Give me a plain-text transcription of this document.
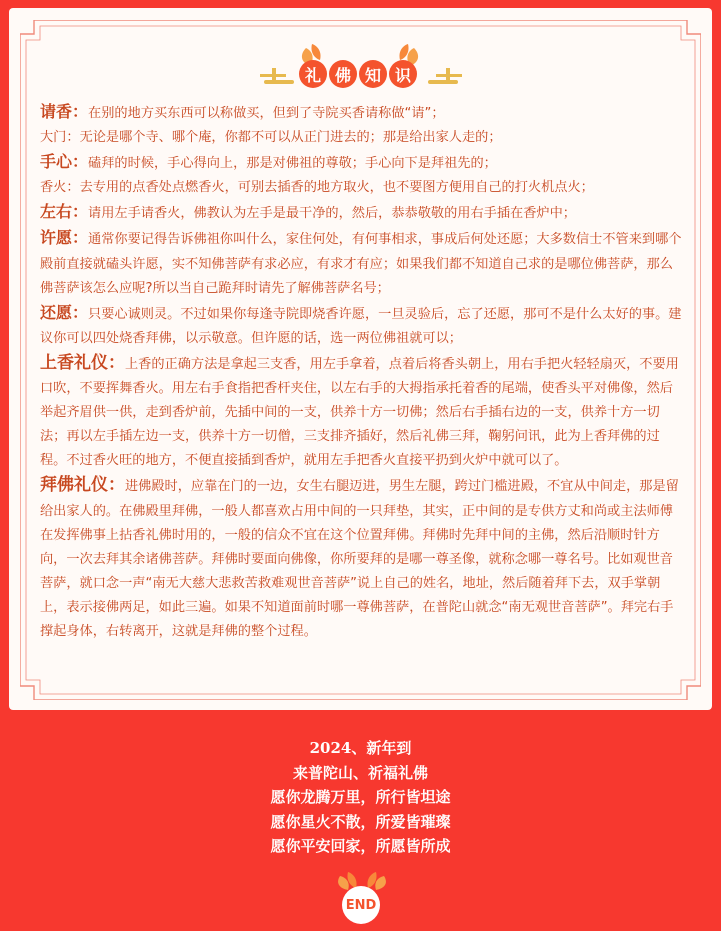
礼 佛 知 识

请香：在别的地方买东西可以称做买，但到了寺院买香请称做“请”；

大门：无论是哪个寺、哪个庵，你都不可以从正门进去的；那是给出家人走的；

手心：磕拜的时候，手心得向上，那是对佛祖的尊敬；手心向下是拜祖先的；

香火：去专用的点香处点燃香火，可别去插香的地方取火，也不要图方便用自己的打火机点火；

左右：请用左手请香火，佛教认为左手是最干净的，然后，恭恭敬敬的用右手插在香炉中；

许愿：通常你要记得告诉佛祖你叫什么，家住何处，有何事相求，事成后何处还愿；大多数信士不管来到哪个殿前直接就磕头许愿，实不知佛菩萨有求必应，有求才有应；如果我们都不知道自己求的是哪位佛菩萨，那么佛菩萨该怎么应呢?所以当自己跪拜时请先了解佛菩萨名号；

还愿：只要心诚则灵。不过如果你每逢寺院即烧香许愿，一旦灵验后，忘了还愿，那可不是什么太好的事。建议你可以四处烧香拜佛，以示敬意。但许愿的话，选一两位佛祖就可以；

上香礼仪：上香的正确方法是拿起三支香，用左手拿着，点着后将香头朝上，用右手把火轻轻扇灭，不要用口吹，不要挥舞香火。用左右手食指把香杆夹住，以左右手的大拇指承托着香的尾端，使香头平对佛像，然后举起齐眉供一供，走到香炉前，先插中间的一支，供养十方一切佛；然后右手插右边的一支，供养十方一切法；再以左手插左边一支，供养十方一切僧，三支排齐插好，然后礼佛三拜，鞠躬问讯，此为上香拜佛的过程。不过香火旺的地方，不便直接插到香炉，就用左手把香火直接平扔到火炉中就可以了。

拜佛礼仪：进佛殿时，应靠在门的一边，女生右腿迈进，男生左腿，跨过门槛进殿，不宜从中间走，那是留给出家人的。在佛殿里拜佛，一般人都喜欢占用中间的一只拜垫，其实，正中间的是专供方丈和尚或主法师傅在发挥佛事上拈香礼佛时用的，一般的信众不宜在这个位置拜佛。拜佛时先拜中间的主佛，然后沿顺时针方向，一次去拜其余诸佛菩萨。拜佛时要面向佛像，你所要拜的是哪一尊圣像，就称念哪一尊名号。比如观世音菩萨，就口念一声“南无大慈大悲救苦救难观世音菩萨”说上自己的姓名，地址，然后随着拜下去，双手掌朝上，表示接佛两足，如此三遍。如果不知道面前时哪一尊佛菩萨，在普陀山就念“南无观世音菩萨”。拜完右手撑起身体，右转离开，这就是拜佛的整个过程。

2024、新年到
来普陀山、祈福礼佛
愿你龙腾万里，所行皆坦途
愿你星火不散，所爱皆璀璨
愿你平安回家，所愿皆所成
END
